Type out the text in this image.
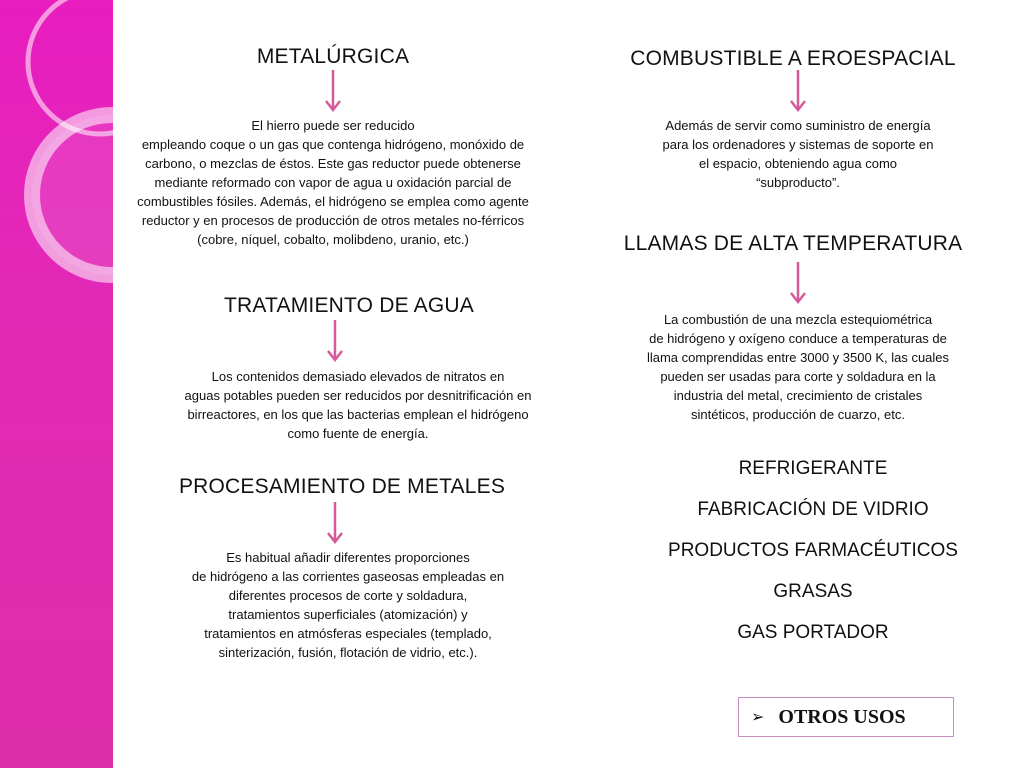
METALÚRGICA
El hierro puede ser reducido
empleando coque o un gas que contenga hidrógeno, monóxido de
carbono, o mezclas de éstos. Este gas reductor puede obtenerse
mediante reformado con vapor de agua u oxidación parcial de
combustibles fósiles. Además, el hidrógeno se emplea como agente
reductor y en procesos de producción de otros metales no-férricos
(cobre, níquel, cobalto, molibdeno, uranio, etc.)
TRATAMIENTO DE AGUA
Los contenidos demasiado elevados de nitratos en
aguas potables pueden ser reducidos por desnitrificación en
birreactores, en los que las bacterias emplean el hidrógeno
como fuente de energía.
PROCESAMIENTO DE METALES
Es habitual añadir diferentes proporciones
de hidrógeno a las corrientes gaseosas empleadas en
diferentes procesos de corte y soldadura,
tratamientos superficiales (atomización) y
tratamientos en atmósferas especiales (templado,
sinterización, fusión, flotación de vidrio, etc.).
COMBUSTIBLE A EROESPACIAL
Además de servir como suministro de energía
para los ordenadores y sistemas de soporte en
el espacio, obteniendo agua como
“subproducto”.
LLAMAS DE ALTA TEMPERATURA
La combustión de una mezcla estequiométrica
de hidrógeno y oxígeno conduce a temperaturas de
llama comprendidas entre 3000 y 3500 K, las cuales
pueden ser usadas para corte y soldadura en la
industria del metal, crecimiento de cristales
sintéticos, producción de cuarzo, etc.
REFRIGERANTE
FABRICACIÓN DE VIDRIO
PRODUCTOS FARMACÉUTICOS
GRASAS
GAS PORTADOR
➢ OTROS USOS
